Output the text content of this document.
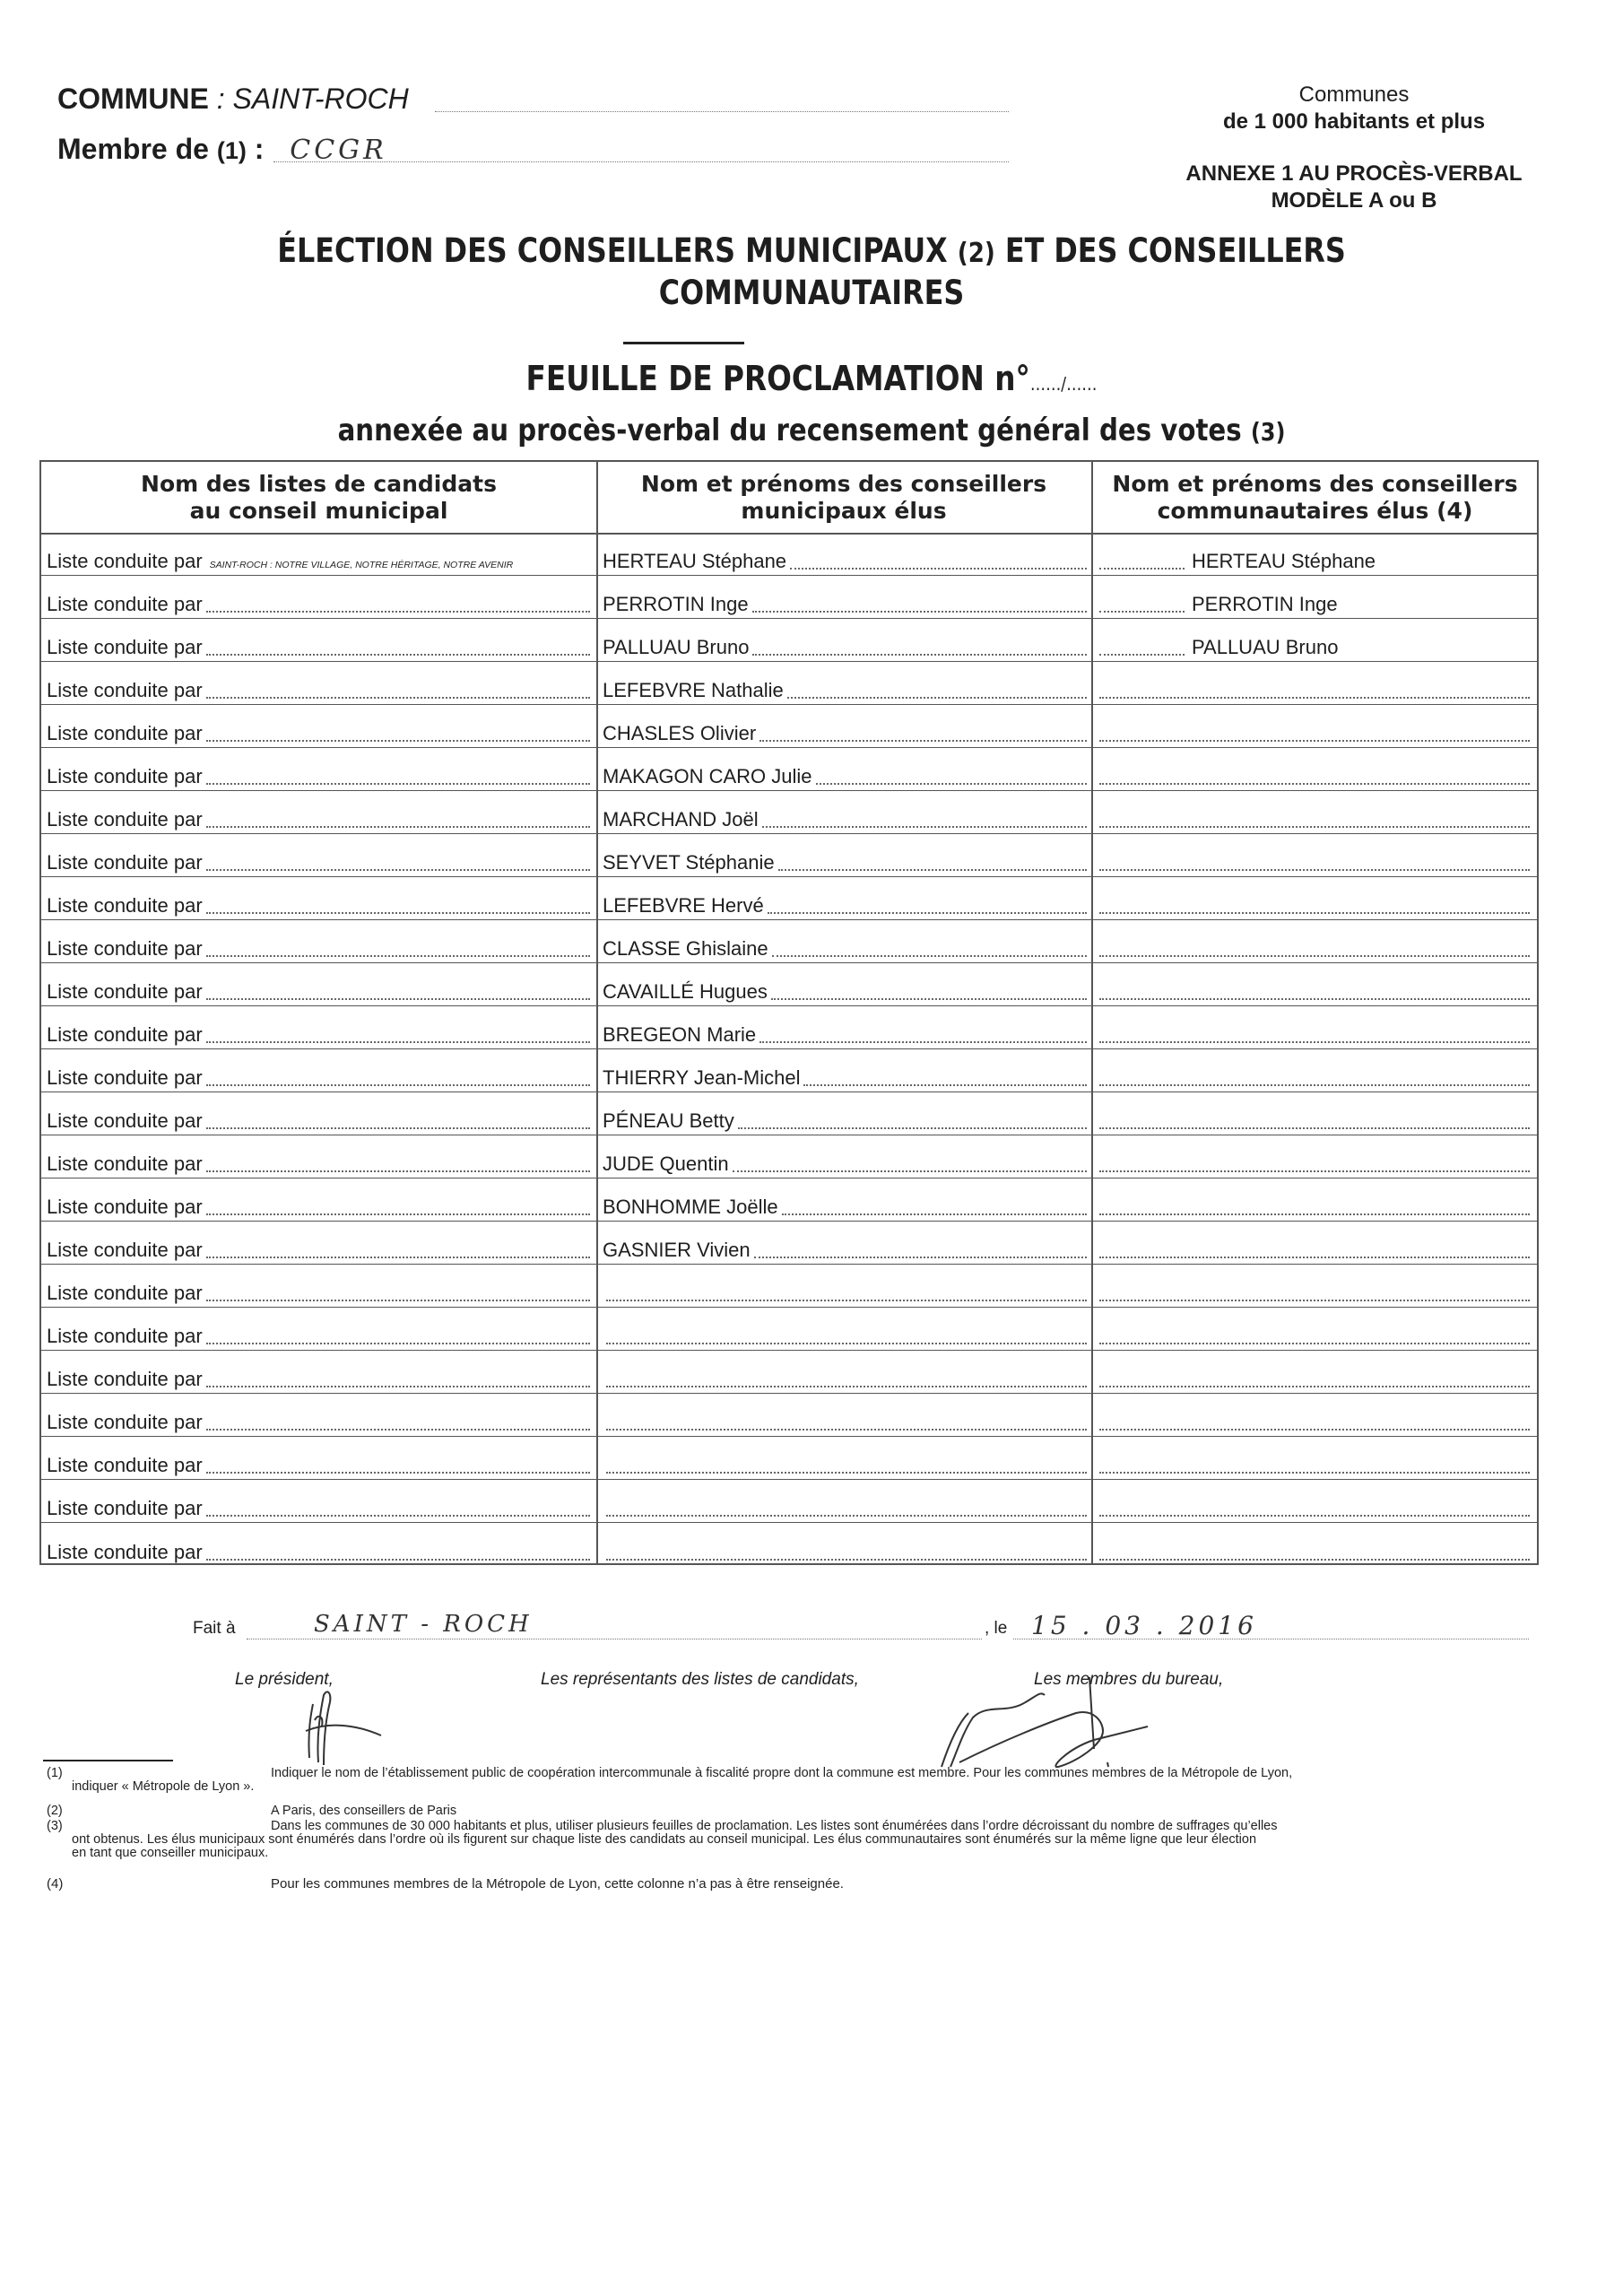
COMMUNE : SAINT-ROCH
Membre de (1) : CCGR
Communes
de 1 000 habitants et plus
ANNEXE 1 AU PROCÈS-VERBAL
MODÈLE A ou B
ÉLECTION DES CONSEILLERS MUNICIPAUX (2) ET DES CONSEILLERS
COMMUNAUTAIRES
FEUILLE DE PROCLAMATION n°……/……
annexée au procès-verbal du recensement général des votes (3)
Nom des listes de candidats
au conseil municipal
Nom et prénoms des conseillers
municipaux élus
Nom et prénoms des conseillers
communautaires élus (4)
Liste conduite par SAINT-ROCH : NOTRE VILLAGE, NOTRE HÉRITAGE, NOTRE AVENIR	HERTEAU Stéphane	HERTEAU Stéphane
Liste conduite par	PERROTIN Inge	PERROTIN Inge
Liste conduite par	PALLUAU Bruno	PALLUAU Bruno
Liste conduite par	LEFEBVRE Nathalie
Liste conduite par	CHASLES Olivier
Liste conduite par	MAKAGON CARO Julie
Liste conduite par	MARCHAND Joël
Liste conduite par	SEYVET Stéphanie
Liste conduite par	LEFEBVRE Hervé
Liste conduite par	CLASSE Ghislaine
Liste conduite par	CAVAILLÉ Hugues
Liste conduite par	BREGEON Marie
Liste conduite par	THIERRY Jean-Michel
Liste conduite par	PÉNEAU Betty
Liste conduite par	JUDE Quentin
Liste conduite par	BONHOMME Joëlle
Liste conduite par	GASNIER Vivien
Liste conduite par
Liste conduite par
Liste conduite par
Liste conduite par
Liste conduite par
Liste conduite par
Liste conduite par
Fait à	SAINT - ROCH	, le 15 . 03 . 2016
Le président,	Les représentants des listes de candidats,	Les membres du bureau,
(1)	Indiquer le nom de l’établissement public de coopération intercommunale à fiscalité propre dont la commune est membre. Pour les communes membres de la Métropole de Lyon,
indiquer « Métropole de Lyon ».
(2)	A Paris, des conseillers de Paris
(3)	Dans les communes de 30 000 habitants et plus, utiliser plusieurs feuilles de proclamation. Les listes sont énumérées dans l’ordre décroissant du nombre de suffrages qu’elles
ont obtenus. Les élus municipaux sont énumérés dans l’ordre où ils figurent sur chaque liste des candidats au conseil municipal. Les élus communautaires sont énumérés sur la même ligne que leur élection
en tant que conseiller municipaux.
(4)	Pour les communes membres de la Métropole de Lyon, cette colonne n’a pas à être renseignée.
